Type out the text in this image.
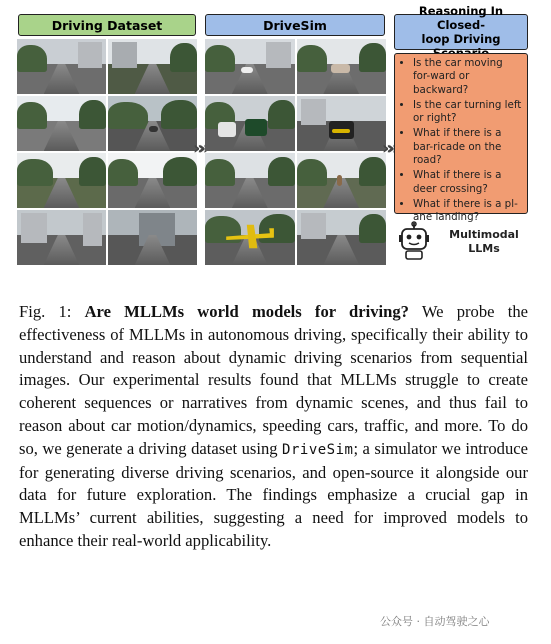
Driving Dataset	DriveSim
Reasoning In Closed-
loop Driving
»»	»»
• Is the car moving for-ward or backward?
• Is the car turning left or right?
• What if there is a bar-ricade on the road?
• What if there is a deer crossing?
• What if there is a pl-ane landing?
Multimodal
LLMs
Fig. 1: Are MLLMs world models for driving? We probe the effectiveness of MLLMs in autonomous driving, specifically their ability to understand and reason about dynamic driving scenarios from sequential images. Our experimental results found that MLLMs struggle to create coherent sequences or narratives from dynamic scenes, and thus fail to reason about car motion/dynamics, speeding cars, traffic, and more. To do so, we generate a driving dataset using DriveSim; a simulator we introduce for generating diverse driving scenarios, and open-source it alongside our data for future exploration. The findings emphasize a crucial gap in MLLMs’ current abilities, suggesting a need for improved models to enhance their real-world applicability.
公众号 · 自动驾驶之心
